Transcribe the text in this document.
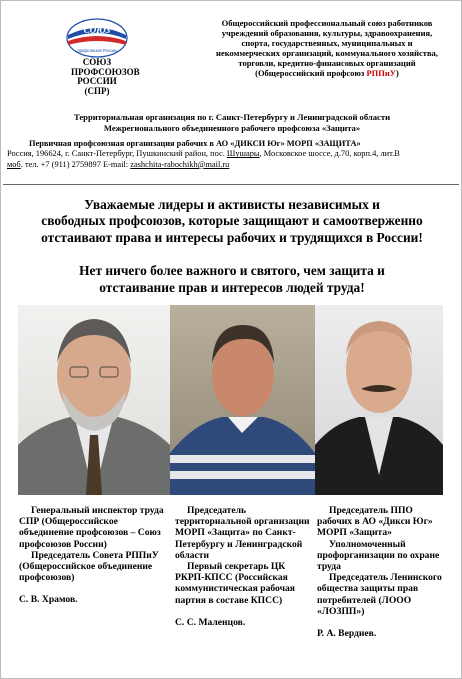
СОЮЗ
профсоюзов России
СОЮЗ
ПРОФСОЮЗОВ
РОССИИ
(СПР)
Общероссийский профессиональный союз работников
учреждений образования, культуры, здравоохранения,
спорта, государственных, муниципальных и
некоммерческих организаций, коммунального хозяйства,
торговли, кредитно-финансовых организаций
(Общероссийский профсоюз РППиУ)
Территориальная организация по г. Санкт-Петербургу и Ленинградской области
Межрегионального объединенного рабочего профсоюза «Защита»
Первичная профсоюзная организация рабочих в АО «ДИКСИ Юг» МОРП «ЗАЩИТА»
Россия, 196624, г. Санкт-Петербург, Пушкинский район, пос. Шушары, Московское шоссе, д.70, корп.4, лит.В
моб. тел. +7 (911) 2759897 E-mail: zashchita-rabochikh@mail.ru
Уважаемые лидеры и активисты независимых и
свободных профсоюзов, которые защищают и самоотверженно
отстаивают права и интересы рабочих и трудящихся в России!
Нет ничего более важного и святого, чем защита и
отстаивание прав и интересов людей труда!
Генеральный инспектор труда СПР (Общероссийское объединение профсоюзов – Союз профсоюзов России)
Председатель Совета РППиУ (Общероссийское объединение профсоюзов)
С. В. Храмов.
Председатель территориальной организации МОРП «Защита» по Санкт-Петербургу и Ленинградской области
Первый секретарь ЦК РКРП-КПСС (Российская коммунистическая рабочая партия в составе КПСС)
С. С. Маленцов.
Председатель ППО рабочих в АО «Дикси Юг» МОРП «Защита»
Уполномоченный профорганизации по охране труда
Председатель Ленинского общества защиты прав потребителей (ЛООО «ЛОЗПП»)
Р. А. Вердиев.
